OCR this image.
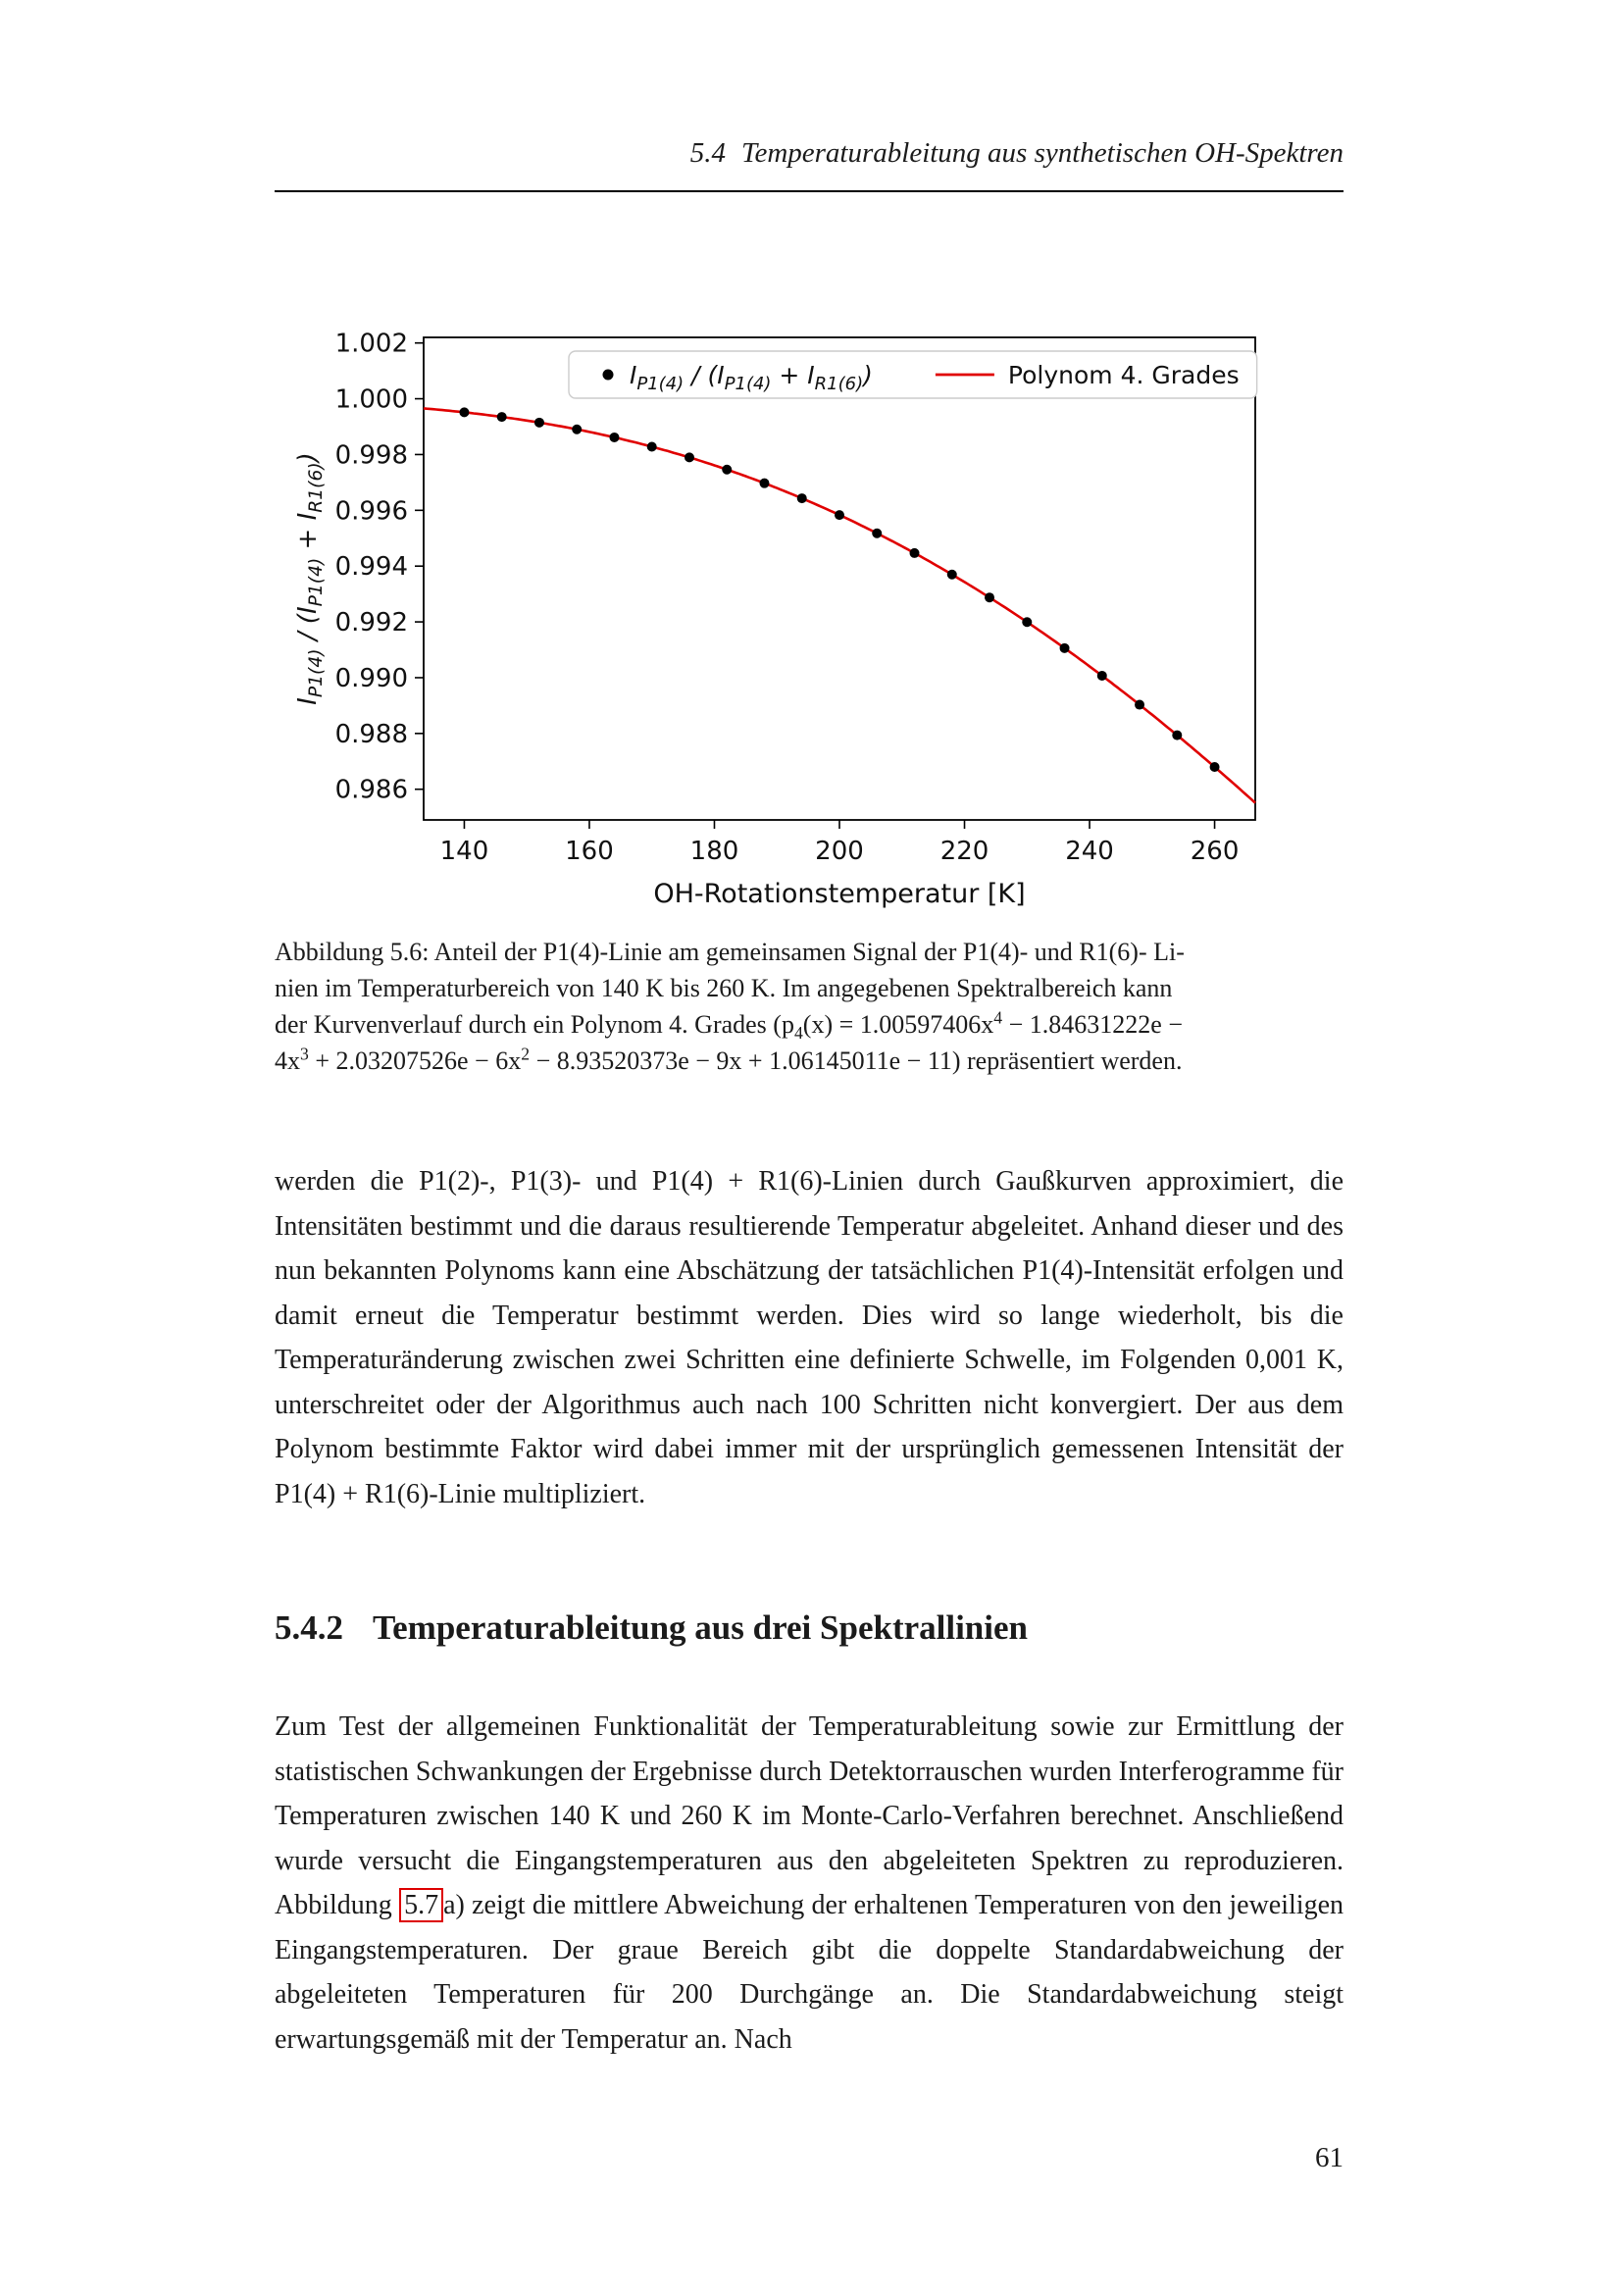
5.4 Temperaturableitung aus synthetischen OH-Spektren
140	160	180	200	220	240	260
1.002
1.000
0.998
0.996
0.994
0.992
0.990
0.988
0.986
$I_{P1(4)} / (I_{P1(4)} + I_{R1(6)})$	Polynom 4. Grades
OH-Rotationstemperatur [K]
$I_{P1(4)} / (I_{P1(4)} + I_{R1(6)})$
Abbildung 5.6: Anteil der P1(4)-Linie am gemeinsamen Signal der P1(4)- und R1(6)- Li-
nien im Temperaturbereich von 140 K bis 260 K. Im angegebenen Spektralbereich kann
der Kurvenverlauf durch ein Polynom 4. Grades ($p_4(x) = 1.00597406x^4 - 1.84631222e$ −
$4x^3 + 2.03207526e - 6x^2 - 8.93520373e - 9x + 1.06145011e - 11$) repräsentiert werden.
werden die P1(2)-, P1(3)- und P1(4) + R1(6)-Linien durch Gaußkurven approximiert, die Intensitäten bestimmt und die daraus resultierende Temperatur abgeleitet. Anhand dieser und des nun bekannten Polynoms kann eine Abschätzung der tatsächlichen P1(4)-Intensität erfolgen und damit erneut die Temperatur bestimmt werden. Dies wird so lange wiederholt, bis die Temperaturänderung zwischen zwei Schritten eine definierte Schwelle, im Folgenden 0,001 K, unterschreitet oder der Algorithmus auch nach 100 Schritten nicht konvergiert. Der aus dem Polynom bestimmte Faktor wird dabei immer mit der ursprünglich gemessenen Intensität der P1(4) + R1(6)-Linie multipliziert.
5.4.2 Temperaturableitung aus drei Spektrallinien
Zum Test der allgemeinen Funktionalität der Temperaturableitung sowie zur Ermittlung der statistischen Schwankungen der Ergebnisse durch Detektorrauschen wurden Interferogramme für Temperaturen zwischen 140 K und 260 K im Monte-Carlo-Verfahren berechnet. Anschließend wurde versucht die Eingangstemperaturen aus den abgeleiteten Spektren zu reproduzieren. Abbildung 5.7 a) zeigt die mittlere Abweichung der erhaltenen Temperaturen von den jeweiligen Eingangstemperaturen. Der graue Bereich gibt die doppelte Standardabweichung der abgeleiteten Temperaturen für 200 Durchgänge an. Die Standardabweichung steigt erwartungsgemäß mit der Temperatur an. Nach
61
